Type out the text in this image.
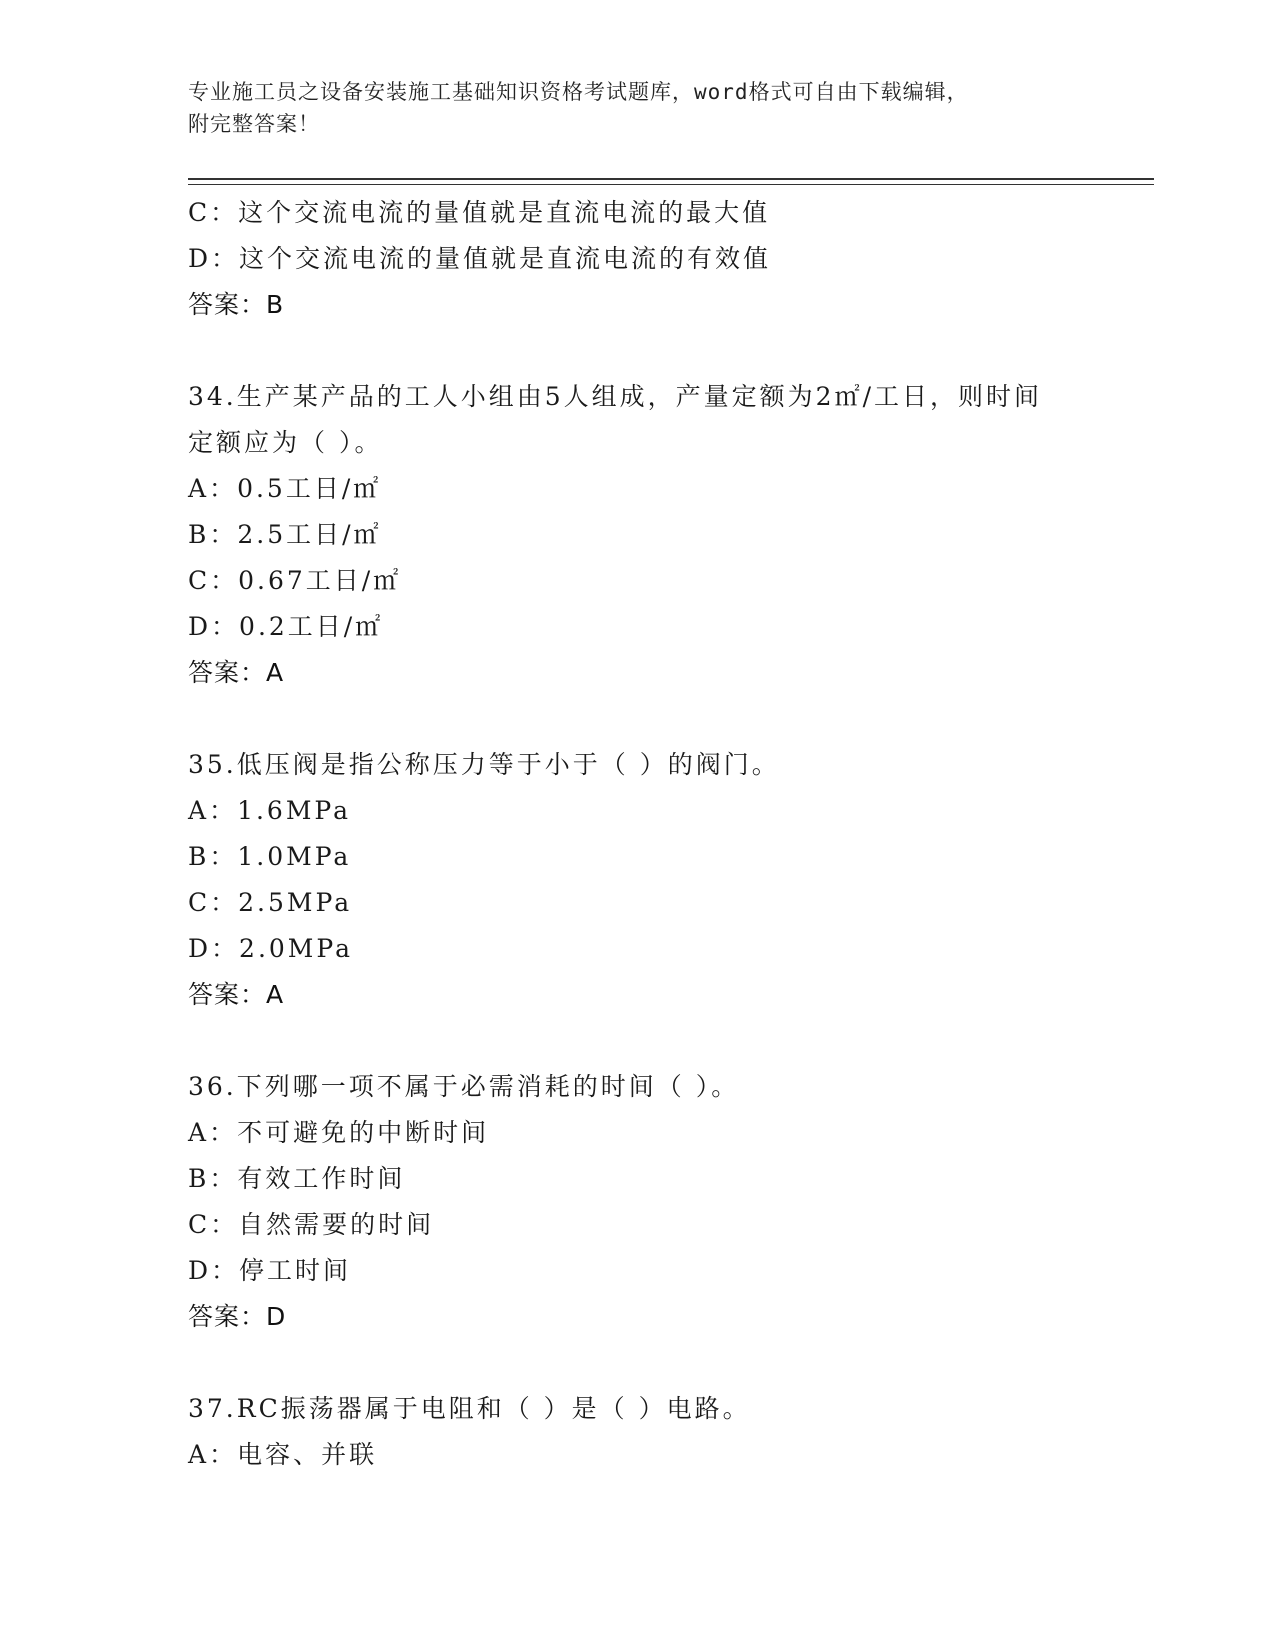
专业施工员之设备安装施工基础知识资格考试题库，word格式可自由下载编辑，
附完整答案！
C：这个交流电流的量值就是直流电流的最大值
D：这个交流电流的量值就是直流电流的有效值
答案：B
34.生产某产品的工人小组由5人组成，产量定额为2㎡/工日，则时间
定额应为（ ）。
A：0.5工日/㎡
B：2.5工日/㎡
C：0.67工日/㎡
D：0.2工日/㎡
答案：A
35.低压阀是指公称压力等于小于（ ）的阀门。
A：1.6MPa
B：1.0MPa
C：2.5MPa
D：2.0MPa
答案：A
36.下列哪一项不属于必需消耗的时间（ ）。
A：不可避免的中断时间
B：有效工作时间
C：自然需要的时间
D：停工时间
答案：D
37.RC振荡器属于电阻和（ ）是（ ）电路。
A：电容、并联
